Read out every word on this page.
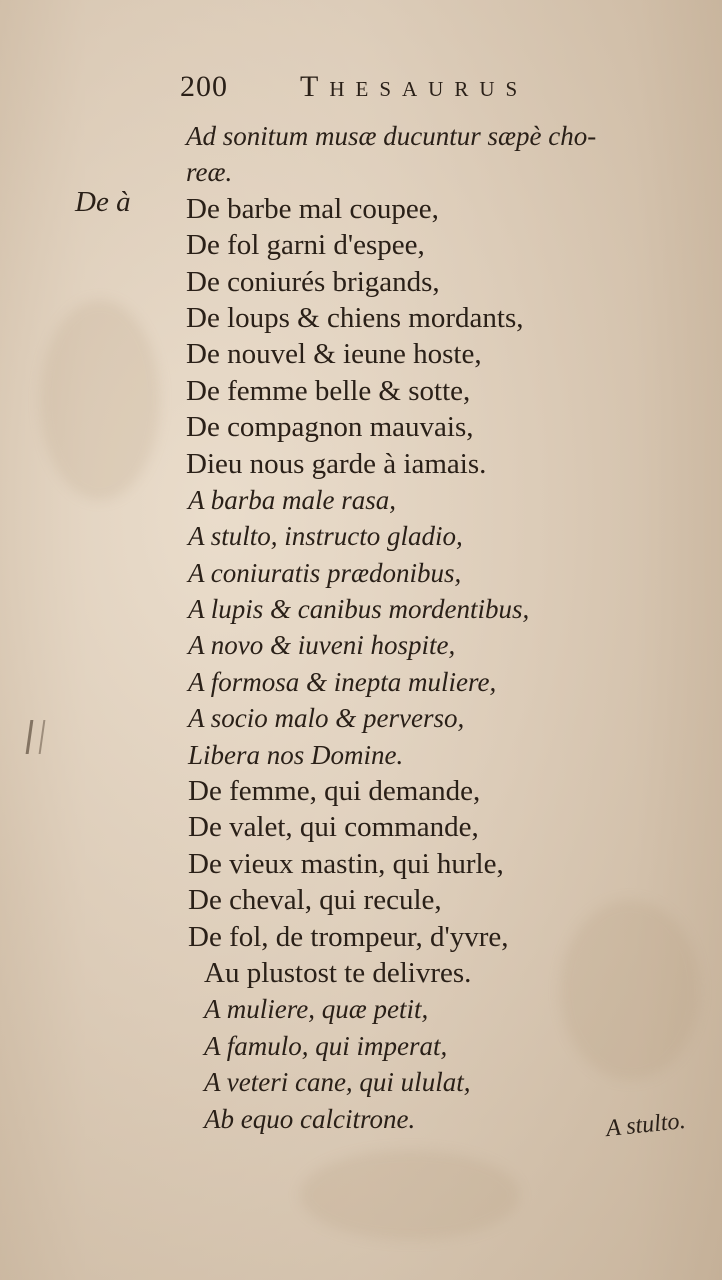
200 Thesaurus
De à
Ad sonitum musæ ducuntur sæpè cho-
reæ.
De barbe mal coupee,
De fol garni d'espee,
De coniurés brigands,
De loups & chiens mordants,
De nouvel & ieune hoste,
De femme belle & sotte,
De compagnon mauvais,
Dieu nous garde à iamais.
A barba male rasa,
A stulto, instructo gladio,
A coniuratis prædonibus,
A lupis & canibus mordentibus,
A novo & iuveni hospite,
A formosa & inepta muliere,
A socio malo & perverso,
Libera nos Domine.
De femme, qui demande,
De valet, qui commande,
De vieux mastin, qui hurle,
De cheval, qui recule,
De fol, de trompeur, d'yvre,
Au plustost te delivres.
A muliere, quæ petit,
A famulo, qui imperat,
A veteri cane, qui ululat,
Ab equo calcitrone.	A stulto.
